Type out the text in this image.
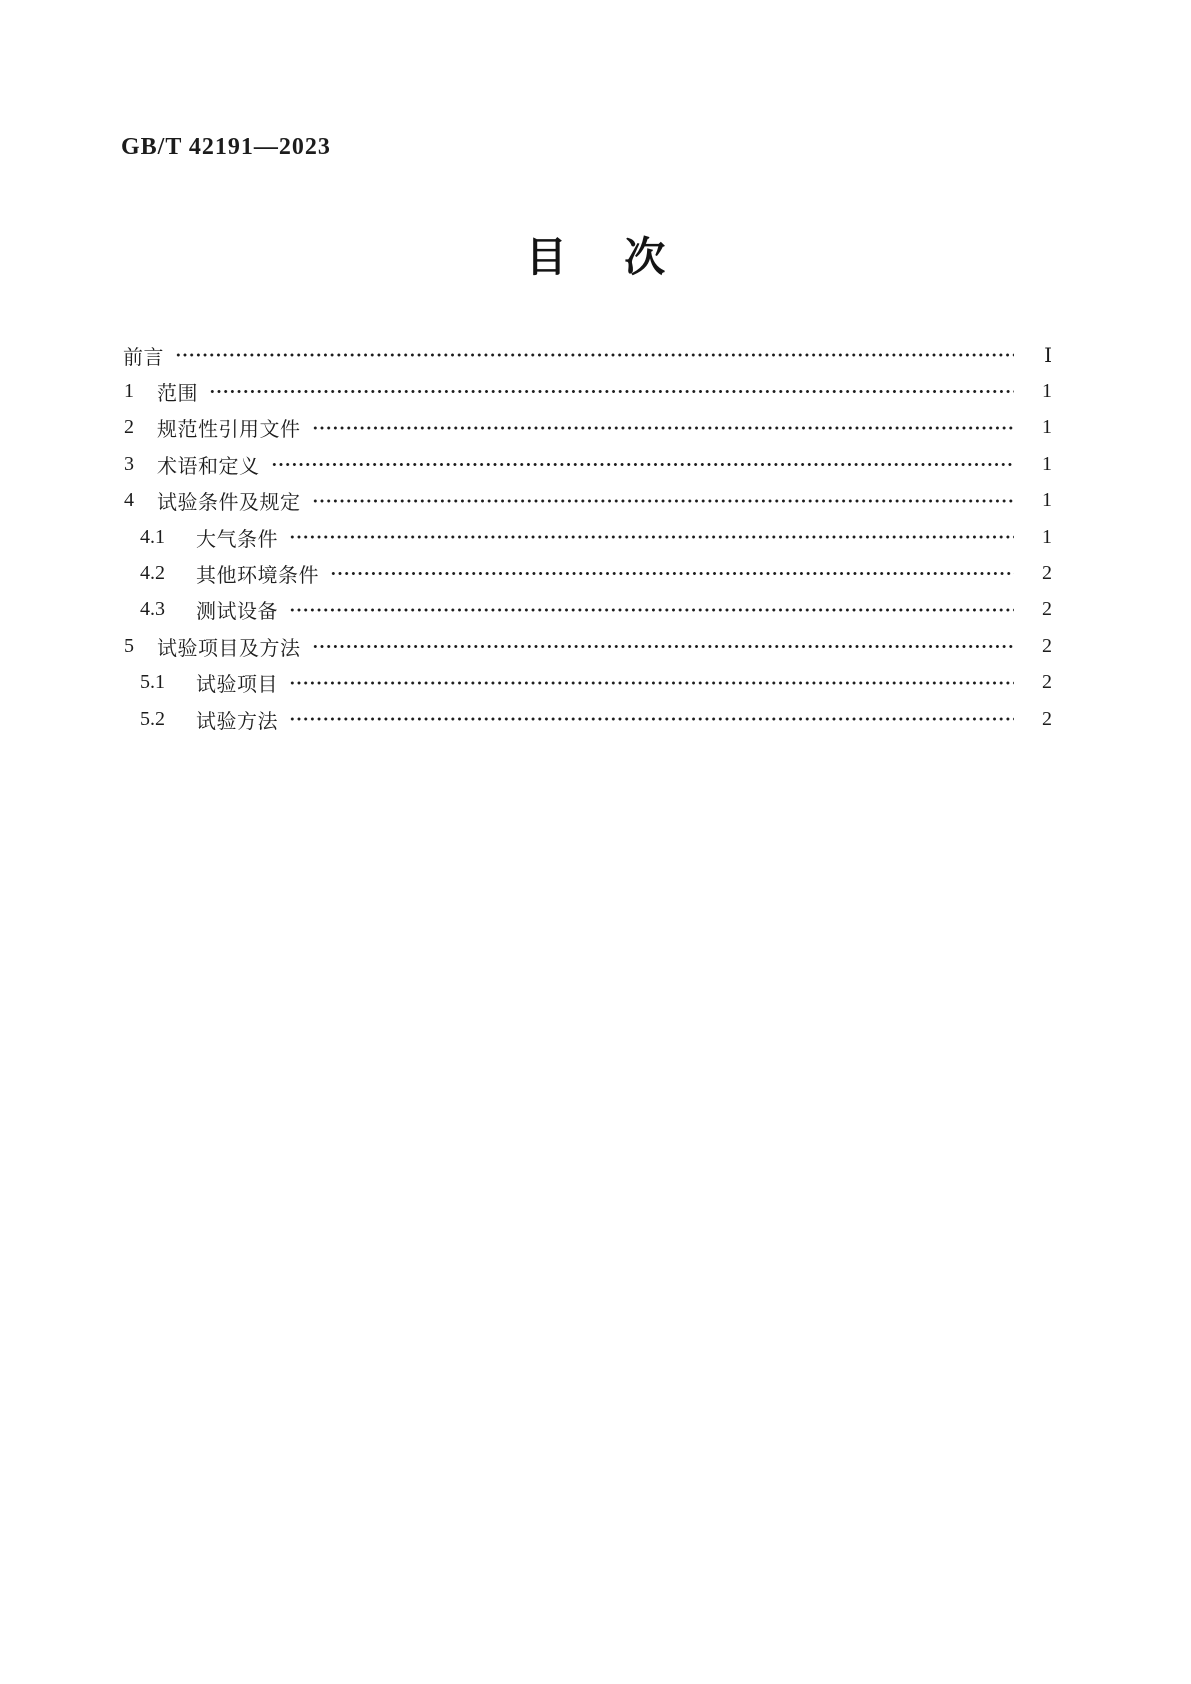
GB/T 42191—2023
目 次
前言	Ⅰ
1	范围	1
2	规范性引用文件	1
3	术语和定义	1
4	试验条件及规定	1
4.1	大气条件	1
4.2	其他环境条件	2
4.3	测试设备	2
5	试验项目及方法	2
5.1	试验项目	2
5.2	试验方法	2
